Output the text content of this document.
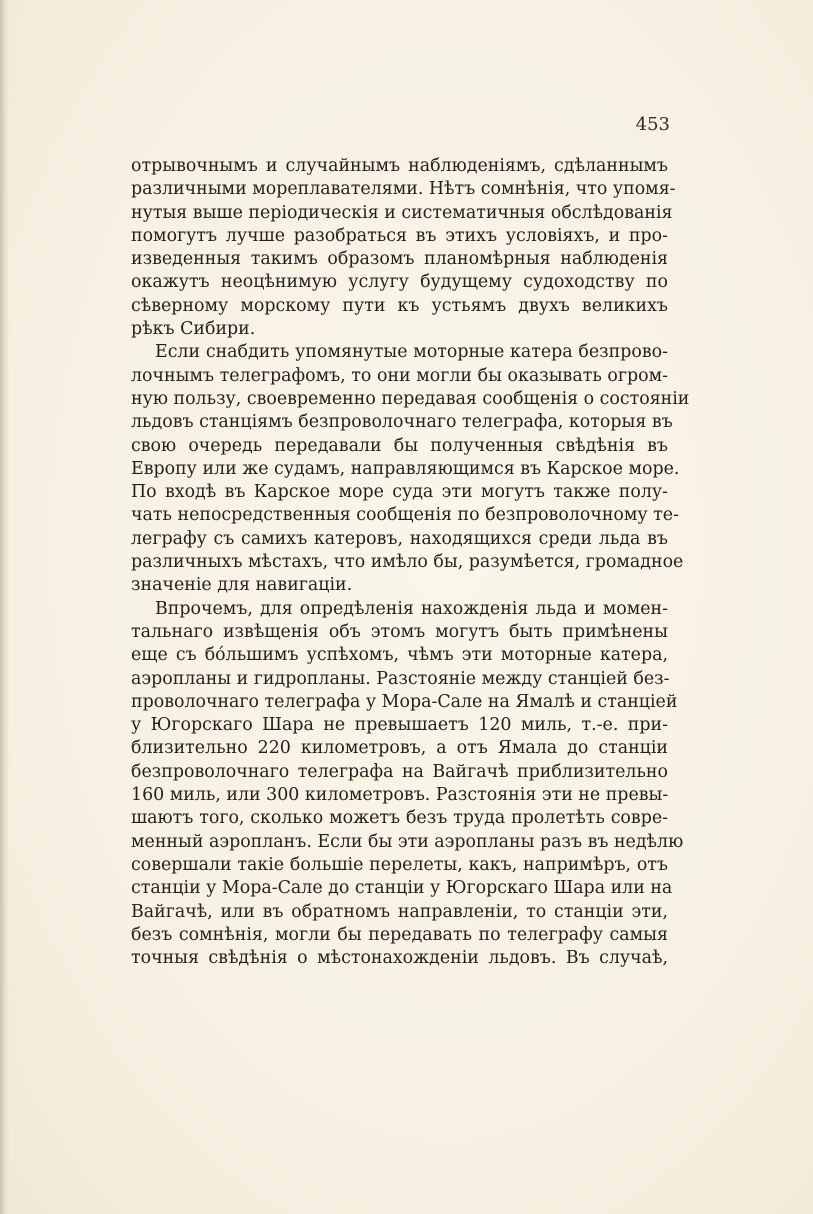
453
отрывочнымъ и случайнымъ наблюденіямъ, сдѣланнымъ
различными мореплавателями. Нѣтъ сомнѣнія, что упомя-
нутыя выше періодическія и систематичныя обслѣдованія
помогутъ лучше разобраться въ этихъ условіяхъ, и про-
изведенныя такимъ образомъ планомѣрныя наблюденія
окажутъ неоцѣнимую услугу будущему судоходству по
сѣверному морскому пути къ устьямъ двухъ великихъ
рѣкъ Сибири.
Если снабдить упомянутые моторные катера безпрово-
лочнымъ телеграфомъ, то они могли бы оказывать огром-
ную пользу, своевременно передавая сообщенія о состояніи
льдовъ станціямъ безпроволочнаго телеграфа, которыя въ
свою очередь передавали бы полученныя свѣдѣнія въ
Европу или же судамъ, направляющимся въ Карское море.
По входѣ въ Карское море суда эти могутъ также полу-
чать непосредственныя сообщенія по безпроволочному те-
леграфу съ самихъ катеровъ, находящихся среди льда въ
различныхъ мѣстахъ, что имѣло бы, разумѣется, громадное
значеніе для навигаціи.
Впрочемъ, для опредѣленія нахожденія льда и момен-
тальнаго извѣщенія объ этомъ могутъ быть примѣнены
еще съ бóльшимъ успѣхомъ, чѣмъ эти моторные катера,
аэропланы и гидропланы. Разстояніе между станціей без-
проволочнаго телеграфа у Мора-Сале на Ямалѣ и станціей
у Югорскаго Шара не превышаетъ 120 миль, т.-е. при-
близительно 220 километровъ, а отъ Ямала до станціи
безпроволочнаго телеграфа на Вайгачѣ приблизительно
160 миль, или 300 километровъ. Разстоянія эти не превы-
шаютъ того, сколько можетъ безъ труда пролетѣть совре-
менный аэропланъ. Если бы эти аэропланы разъ въ недѣлю
совершали такіе большіе перелеты, какъ, напримѣръ, отъ
станціи у Мора-Сале до станціи у Югорскаго Шара или на
Вайгачѣ, или въ обратномъ направленіи, то станціи эти,
безъ сомнѣнія, могли бы передавать по телеграфу самыя
точныя свѣдѣнія о мѣстонахожденіи льдовъ. Въ случаѣ,
